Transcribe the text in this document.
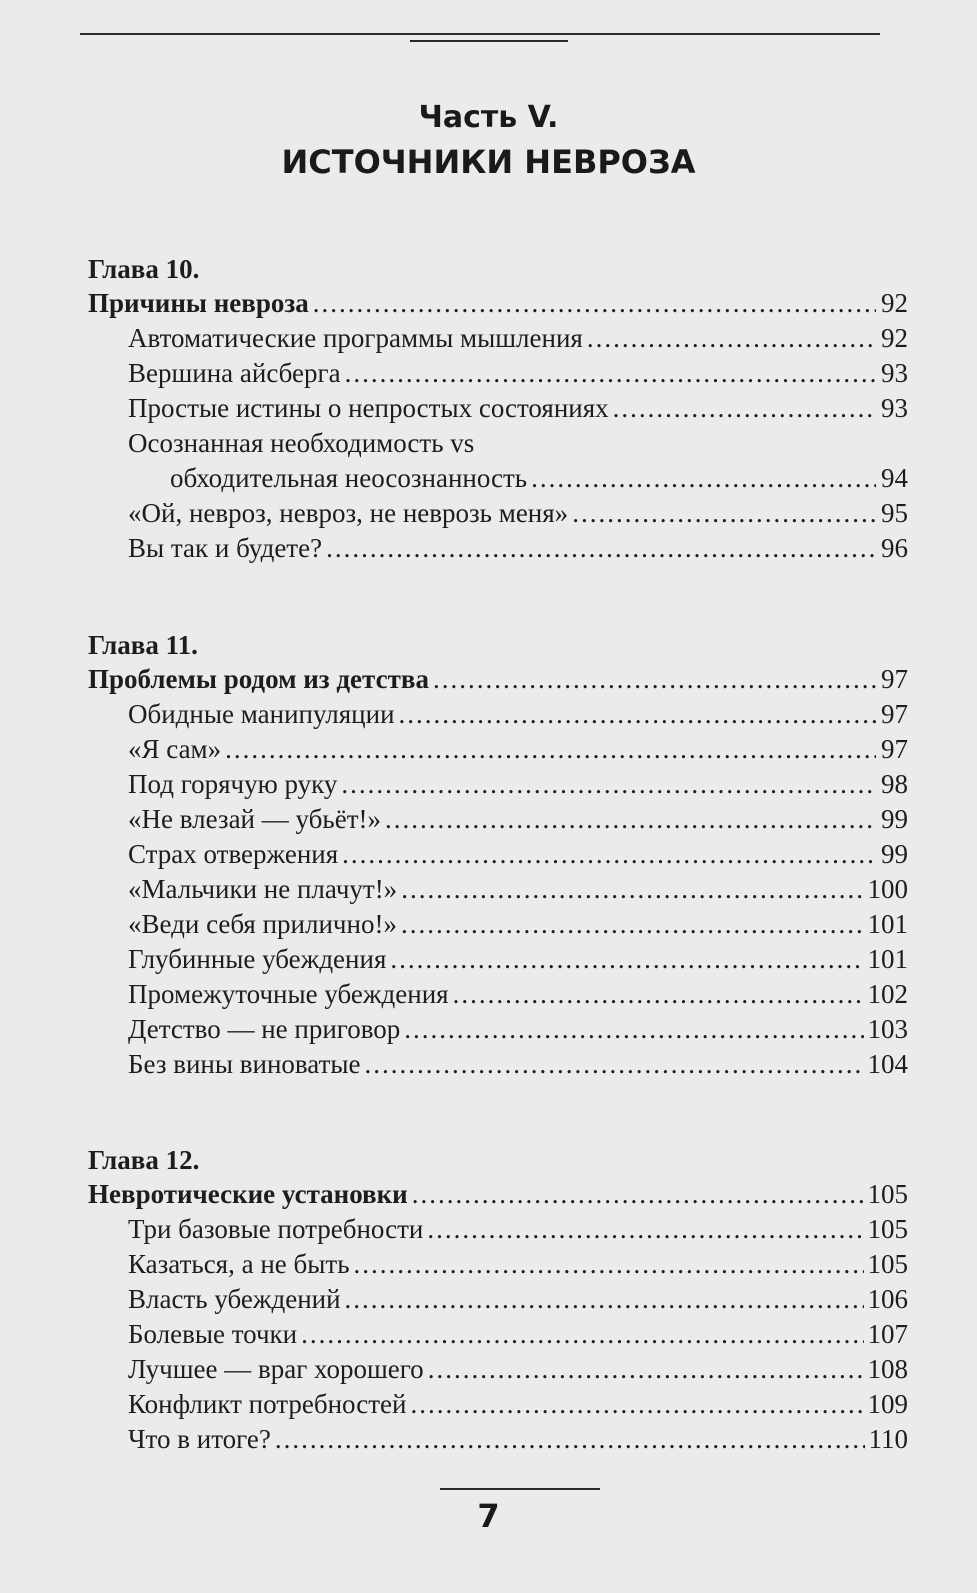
Часть V.
ИСТОЧНИКИ НЕВРОЗА
Глава 10.
Причины невроза .....	92
Автоматические программы мышления .....	92
Вершина айсберга .....	93
Простые истины о непростых состояниях .....	93
Осознанная необходимость vs
обходительная неосознанность .....	94
«Ой, невроз, невроз, не неврозь меня» .....	95
Вы так и будете? .....	96
Глава 11.
Проблемы родом из детства .....	97
Обидные манипуляции .....	97
«Я сам» .....	97
Под горячую руку .....	98
«Не влезай — убьёт!» .....	99
Страх отвержения .....	99
«Мальчики не плачут!» .....	100
«Веди себя прилично!» .....	101
Глубинные убеждения .....	101
Промежуточные убеждения .....	102
Детство — не приговор .....	103
Без вины виноватые .....	104
Глава 12.
Невротические установки .....	105
Три базовые потребности .....	105
Казаться, а не быть .....	105
Власть убеждений .....	106
Болевые точки .....	107
Лучшее — враг хорошего .....	108
Конфликт потребностей .....	109
Что в итоге? .....	110
7
